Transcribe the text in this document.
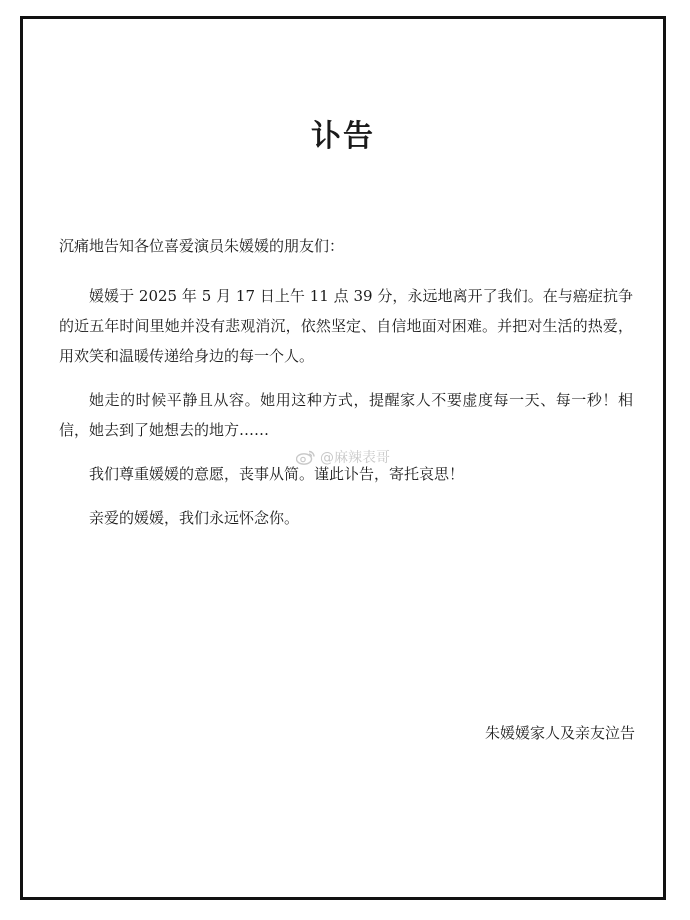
讣告

沉痛地告知各位喜爱演员朱媛媛的朋友们：

媛媛于 2025 年 5 月 17 日上午 11 点 39 分，永远地离开了我们。在与癌症抗争的近五年时间里她并没有悲观消沉，依然坚定、自信地面对困难。并把对生活的热爱，用欢笑和温暖传递给身边的每一个人。

她走的时候平静且从容。她用这种方式，提醒家人不要虚度每一天、每一秒！相信，她去到了她想去的地方……

我们尊重媛媛的意愿，丧事从简。谨此讣告，寄托哀思！

亲爱的媛媛，我们永远怀念你。

朱媛媛家人及亲友泣告

@麻辣表哥
